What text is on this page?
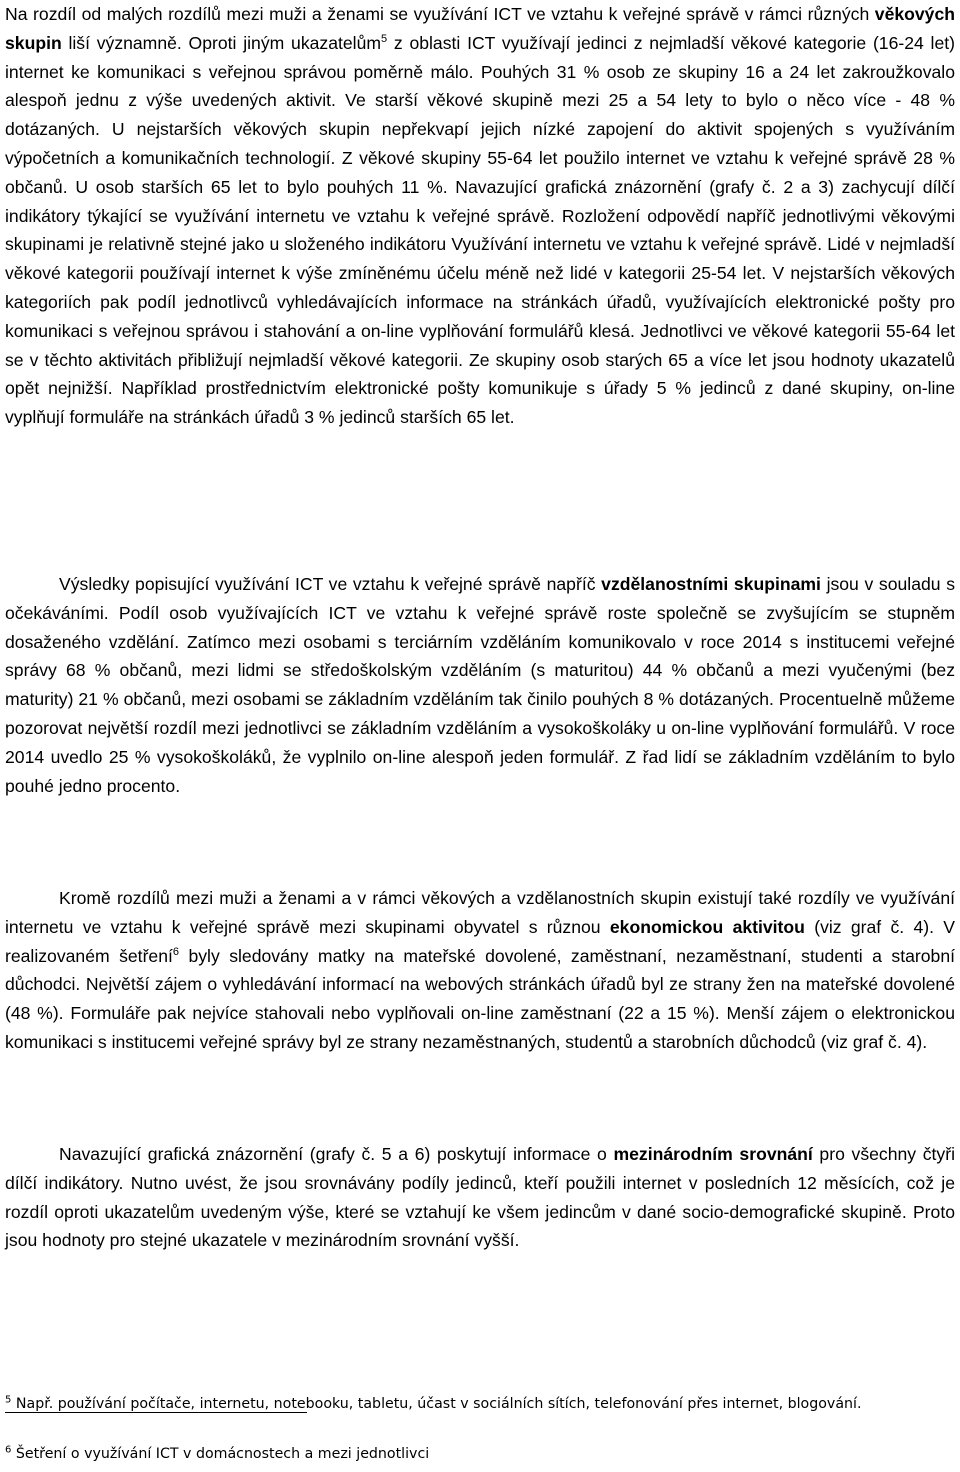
Na rozdíl od malých rozdílů mezi muži a ženami se využívání ICT ve vztahu k veřejné správě v rámci různých věkových skupin liší významně. Oproti jiným ukazatelům$^5$ z oblasti ICT využívají jedinci z nejmladší věkové kategorie (16-24 let) internet ke komunikaci s veřejnou správou poměrně málo. Pouhých 31 % osob ze skupiny 16 a 24 let zakroužkovalo alespoň jednu z výše uvedených aktivit. Ve starší věkové skupině mezi 25 a 54 lety to bylo o něco více - 48 % dotázaných. U nejstarších věkových skupin nepřekvapí jejich nízké zapojení do aktivit spojených s využíváním výpočetních a komunikačních technologií. Z věkové skupiny 55-64 let použilo internet ve vztahu k veřejné správě 28 % občanů. U osob starších 65 let to bylo pouhých 11 %. Navazující grafická znázornění (grafy č. 2 a 3) zachycují dílčí indikátory týkající se využívání internetu ve vztahu k veřejné správě. Rozložení odpovědí napříč jednotlivými věkovými skupinami je relativně stejné jako u složeného indikátoru Využívání internetu ve vztahu k veřejné správě. Lidé v nejmladší věkové kategorii používají internet k výše zmíněnému účelu méně než lidé v kategorii 25-54 let. V nejstarších věkových kategoriích pak podíl jednotlivců vyhledávajících informace na stránkách úřadů, využívajících elektronické pošty pro komunikaci s veřejnou správou i stahování a on-line vyplňování formulářů klesá. Jednotlivci ve věkové kategorii 55-64 let se v těchto aktivitách přibližují nejmladší věkové kategorii. Ze skupiny osob starých 65 a více let jsou hodnoty ukazatelů opět nejnižší. Například prostřednictvím elektronické pošty komunikuje s úřady 5 % jedinců z dané skupiny, on-line vyplňují formuláře na stránkách úřadů 3 % jedinců starších 65 let.

Výsledky popisující využívání ICT ve vztahu k veřejné správě napříč vzdělanostními skupinami jsou v souladu s očekáváními. Podíl osob využívajících ICT ve vztahu k veřejné správě roste společně se zvyšujícím se stupněm dosaženého vzdělání. Zatímco mezi osobami s terciárním vzděláním komunikovalo v roce 2014 s institucemi veřejné správy 68 % občanů, mezi lidmi se středoškolským vzděláním (s maturitou) 44 % občanů a mezi vyučenými (bez maturity) 21 % občanů, mezi osobami se základním vzděláním tak činilo pouhých 8 % dotázaných. Procentuelně můžeme pozorovat největší rozdíl mezi jednotlivci se základním vzděláním a vysokoškoláky u on-line vyplňování formulářů. V roce 2014 uvedlo 25 % vysokoškoláků, že vyplnilo on-line alespoň jeden formulář. Z řad lidí se základním vzděláním to bylo pouhé jedno procento.

Kromě rozdílů mezi muži a ženami a v rámci věkových a vzdělanostních skupin existují také rozdíly ve využívání internetu ve vztahu k veřejné správě mezi skupinami obyvatel s různou ekonomickou aktivitou (viz graf č. 4). V realizovaném šetření$^6$ byly sledovány matky na mateřské dovolené, zaměstnaní, nezaměstnaní, studenti a starobní důchodci. Největší zájem o vyhledávání informací na webových stránkách úřadů byl ze strany žen na mateřské dovolené (48 %). Formuláře pak nejvíce stahovali nebo vyplňovali on-line zaměstnaní (22 a 15 %). Menší zájem o elektronickou komunikaci s institucemi veřejné správy byl ze strany nezaměstnaných, studentů a starobních důchodců (viz graf č. 4).

Navazující grafická znázornění (grafy č. 5 a 6) poskytují informace o mezinárodním srovnání pro všechny čtyři dílčí indikátory. Nutno uvést, že jsou srovnávány podíly jedinců, kteří použili internet v posledních 12 měsících, což je rozdíl oproti ukazatelům uvedeným výše, které se vztahují ke všem jedincům v dané socio-demografické skupině. Proto jsou hodnoty pro stejné ukazatele v mezinárodním srovnání vyšší.

$^5$ Např. používání počítače, internetu, notebooku, tabletu, účast v sociálních sítích, telefonování přes internet, blogování.
$^6$ Šetření o využívání ICT v domácnostech a mezi jednotlivci
